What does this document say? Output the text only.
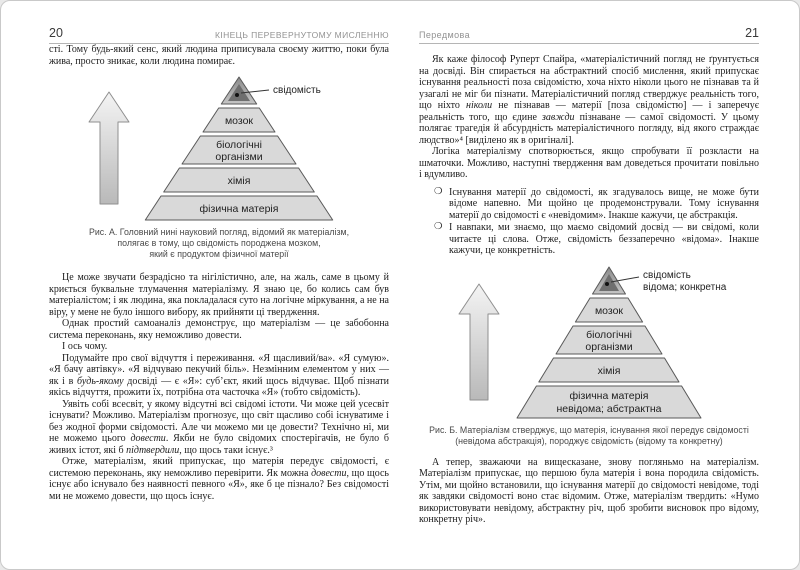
20	КІНЕЦЬ ПЕРЕВЕРНУТОМУ МИСЛЕННЮ

сті. Тому будь-який сенс, який людина приписувала своєму життю, поки була жива, просто зникає, коли людина помирає.

свідомість
мозок
біологічні
організми
хімія
фізична матерія
Рис. А. Головний нині науковий погляд, відомий як матеріалізм,
полягає в тому, що свідомість породжена мозком,
який є продуктом фізичної матерії

Це може звучати безрадісно та нігілістично, але, на жаль, саме в цьому й криється буквальне тлумачення матеріалізму. Я знаю це, бо колись сам був матеріалістом; і як людина, яка покладалася суто на логічне міркування, а не на віру, у мене не було іншого вибору, як прийняти ці твердження.

Однак простий самоаналіз демонструє, що матеріалізм — це забобонна система переконань, яку неможливо довести.

І ось чому.

Подумайте про свої відчуття і переживання. «Я щасливий/ва». «Я сумую». «Я бачу автівку». «Я відчуваю пекучий біль». Незмінним елементом у них — як і в будь-якому досвіді — є «Я»: суб’єкт, який щось відчуває. Щоб пізнати якісь відчуття, прожити їх, потрібна ота часточка «Я» (тобто свідомість).

Уявіть собі всесвіт, у якому відсутні всі свідомі істоти. Чи може цей усесвіт існувати? Можливо. Матеріалізм прогнозує, що світ щасливо собі існуватиме і без жодної форми свідомості. Але чи можемо ми це довести? Технічно ні, ми не можемо цього довести. Якби не було свідомих спостерігачів, не було б живих істот, які б підтвердили, що щось таки існує.³

Отже, матеріалізм, який припускає, що матерія передує свідомості, є системою переконань, яку неможливо перевірити. Як можна довести, що щось існує або існувало без наявності певного «Я», яке б це пізнало? Без свідомості ми не можемо довести, що щось існує.

Передмова	21

Як каже філософ Руперт Спайра, «матеріалістичний погляд не ґрунтується на досвіді. Він спирається на абстрактний спосіб мислення, який припускає існування реальності поза свідомістю, хоча ніхто ніколи цього не пізнавав та й узагалі не міг би пізнати. Матеріалістичний погляд стверджує реальність того, що ніхто ніколи не пізнавав — матерії [поза свідомістю] — і заперечує реальність того, що єдине завжди пізнаване — самої свідомості. У цьому полягає трагедія й абсурдність матеріалістичного погляду, від якого страждає людство»⁴ [виділено як в оригіналі].

Логіка матеріалізму спотворюється, якщо спробувати її розкласти на шматочки. Можливо, наступні твердження вам доведеться прочитати повільно і вдумливо.

❍ Існування матерії до свідомості, як згадувалось вище, не може бути відоме напевно. Ми щойно це продемонстрували. Тому існування матерії до свідомості є «невідомим». Інакше кажучи, це абстракція.
❍ І навпаки, ми знаємо, що маємо свідомий досвід — ви свідомі, коли читаєте ці слова. Отже, свідомість беззаперечно «відома». Інакше кажучи, це конкретність.
свідомість
відома; конкретна
мозок
біологічні
організми
хімія
фізична матерія
невідома; абстрактна
Рис. Б. Матеріалізм стверджує, що матерія, існування якої передує свідомості
(невідома абстракція), породжує свідомість (відому та конкретну)

А тепер, зважаючи на вищесказане, знову погляньмо на матеріалізм. Матеріалізм припускає, що першою була матерія і вона породила свідомість. Утім, ми щойно встановили, що існування матерії до свідомості невідоме, тоді як завдяки свідомості воно стає відомим. Отже, матеріалізм твердить: «Нумо використовувати невідому, абстрактну річ, щоб зробити висновок про відому, конкретну річ».
